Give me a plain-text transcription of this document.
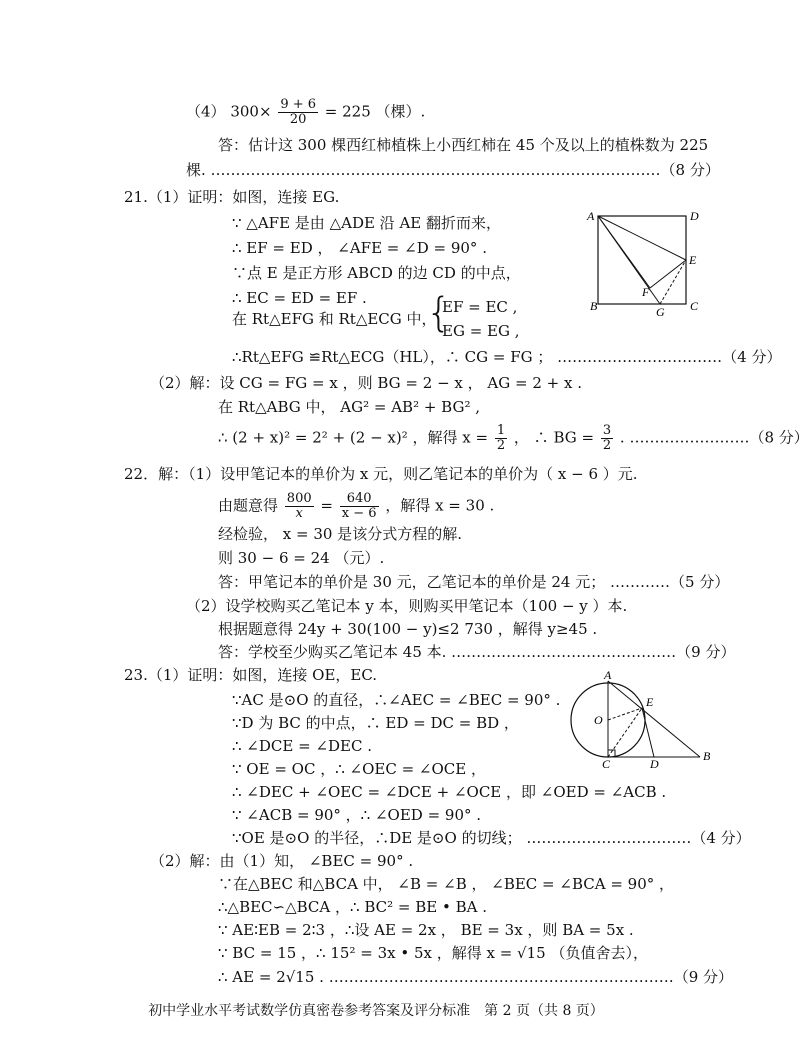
（4） $300\times \frac{9 + 6}{20} = 225$ （棵）.
答：估计这 300 棵西红柿植株上小西红柿在 45 个及以上的植株数为 225
棵. ………………………………………………………………………………（8 分）
21.（1）证明：如图，连接 EG.
∵ △AFE 是由 △ADE 沿 AE 翻折而来，
∴ EF = ED ， ∠AFE = ∠D = 90° .
∵点 E 是正方形 ABCD 的边 CD 的中点，
∴ EC = ED = EF .
在 Rt△EFG 和 Rt△ECG 中，
{
EF = EC ,
EG = EG ,
∴Rt△EFG ≌Rt△ECG（HL），∴ CG = FG ； ……………………………（4 分）
（2）解：设 CG = FG = x ，则 BG = 2 − x ， AG = 2 + x .
在 Rt△ABG 中， AG² = AB² + BG² ,
∴ (2 + x)² = 2² + (2 − x)² ，解得 $x = \frac{1}{2}$ ， ∴ BG = $\frac{3}{2}$ . ……………………（8 分）
A	D
E
B
F
G C
22．解：（1）设甲笔记本的单价为 x 元，则乙笔记本的单价为（ x − 6 ）元.
由题意得 $\frac{800}{x} = \frac{640}{x - 6}$ ，解得 x = 30 .
经检验， x = 30 是该分式方程的解.
则 30 − 6 = 24 （元）.
答：甲笔记本的单价是 30 元，乙笔记本的单价是 24 元； …………（5 分）
（2）设学校购买乙笔记本 y 本，则购买甲笔记本（100 − y ）本.
根据题意得 24y + 30(100 − y)≤2 730 ，解得 y≥45 .
答：学校至少购买乙笔记本 45 本. ………………………………………（9 分）
23.（1）证明：如图，连接 OE，EC.
∵AC 是⊙O 的直径，∴∠AEC = ∠BEC = 90° .
∵D 为 BC 的中点，∴ ED = DC = BD ，
∴ ∠DCE = ∠DEC .
∵ OE = OC ，∴ ∠OEC = ∠OCE ，
∴ ∠DEC + ∠OEC = ∠DCE + ∠OCE ，即 ∠OED = ∠ACB .
∵ ∠ACB = 90° ，∴ ∠OED = 90° .
∵OE 是⊙O 的半径，∴DE 是⊙O 的切线； ……………………………（4 分）
（2）解：由（1）知， ∠BEC = 90° .
∵在△BEC 和△BCA 中， ∠B = ∠B ， ∠BEC = ∠BCA = 90° ，
∴△BEC∽△BCA ，∴ BC² = BE • BA .
∵ AE∶EB = 2∶3 ，∴设 AE = 2x ， BE = 3x ，则 BA = 5x .
∵ BC = 15 ，∴ 15² = 3x • 5x ，解得 x = √15 （负值舍去），
∴ AE = 2√15 . ……………………………………………………………（9 分）
A
E
O
C	D
B
初中学业水平考试数学仿真密卷参考答案及评分标准　第 2 页（共 8 页）
